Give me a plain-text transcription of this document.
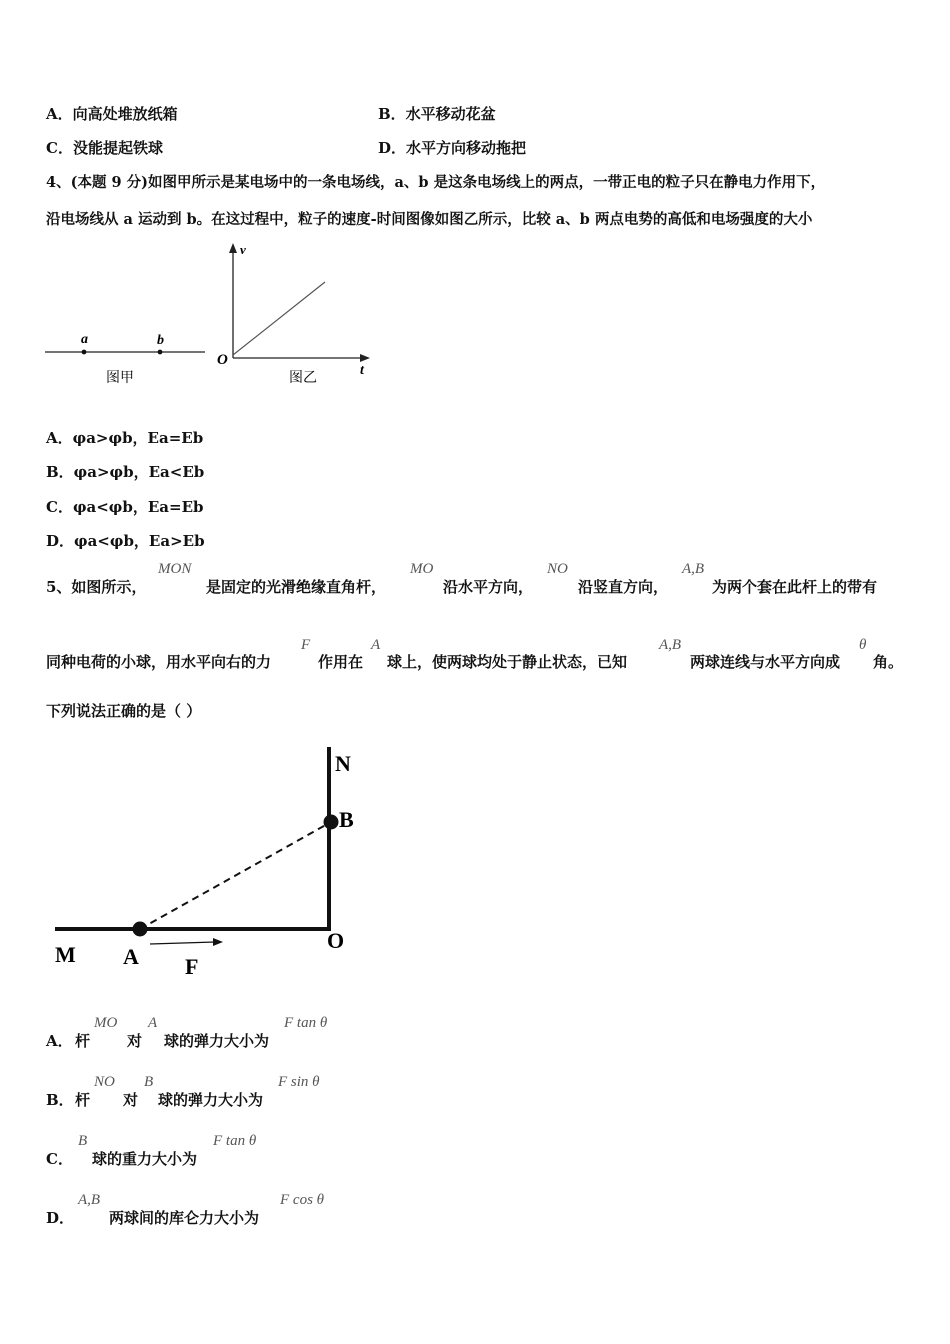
A．向高处堆放纸箱	B．水平移动花盆
C．没能提起铁球	D．水平方向移动拖把
4、(本题 9 分)如图甲所示是某电场中的一条电场线，a、b 是这条电场线上的两点，一带正电的粒子只在静电力作用下，
沿电场线从 a 运动到 b。在这过程中，粒子的速度-时间图像如图乙所示，比较 a、b 两点电势的高低和电场强度的大小
a	b
图甲
v
t
O
图乙
A．φa>φb，Ea=Eb
B．φa>φb，Ea<Eb
C．φa<φb，Ea=Eb
D．φa<φb，Ea>Eb
5、如图所示，
MON
是固定的光滑绝缘直角杆，
MO
沿水平方向，
NO
沿竖直方向，
A,B
为两个套在此杆上的带有
同种电荷的小球，用水平向右的力
F
作用在
A
球上，使两球均处于静止状态，已知
A,B
两球连线与水平方向成
θ
角。
下列说法正确的是（ ）
N
B
O
M A F
A． 杆
MO
对
A
球的弹力大小为
F tan θ
B． 杆
NO
对
B
球的弹力大小为
F sin θ
C．
B
球的重力大小为
F tan θ
D．
A,B
两球间的库仑力大小为
F cos θ
